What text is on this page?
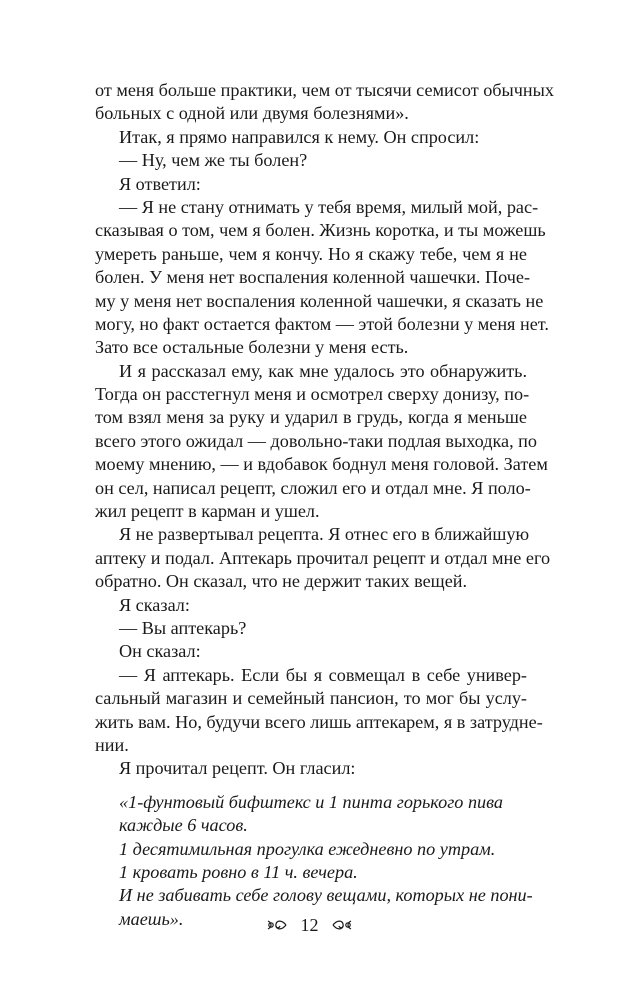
от меня больше практики, чем от тысячи семисот обычных
больных с одной или двумя болезнями».
Итак, я прямо направился к нему. Он спросил:
— Ну, чем же ты болен?
Я ответил:
— Я не стану отнимать у тебя время, милый мой, рас-
сказывая о том, чем я болен. Жизнь коротка, и ты можешь
умереть раньше, чем я кончу. Но я скажу тебе, чем я не
болен. У меня нет воспаления коленной чашечки. Поче-
му у меня нет воспаления коленной чашечки, я сказать не
могу, но факт остается фактом — этой болезни у меня нет.
Зато все остальные болезни у меня есть.
И я рассказал ему, как мне удалось это обнаружить.
Тогда он расстегнул меня и осмотрел сверху донизу, по-
том взял меня за руку и ударил в грудь, когда я меньше
всего этого ожидал — довольно-таки подлая выходка, по
моему мнению, — и вдобавок боднул меня головой. Затем
он сел, написал рецепт, сложил его и отдал мне. Я поло-
жил рецепт в карман и ушел.
Я не развертывал рецепта. Я отнес его в ближайшую
аптеку и подал. Аптекарь прочитал рецепт и отдал мне его
обратно. Он сказал, что не держит таких вещей.
Я сказал:
— Вы аптекарь?
Он сказал:
— Я аптекарь. Если бы я совмещал в себе универ-
сальный магазин и семейный пансион, то мог бы услу-
жить вам. Но, будучи всего лишь аптекарем, я в затрудне-
нии.
Я прочитал рецепт. Он гласил:
«1-фунтовый бифштекс и 1 пинта горького пива
каждые 6 часов.
1 десятимильная прогулка ежедневно по утрам.
1 кровать ровно в 11 ч. вечера.
И не забивать себе голову вещами, которых не пони-
маешь».	12
